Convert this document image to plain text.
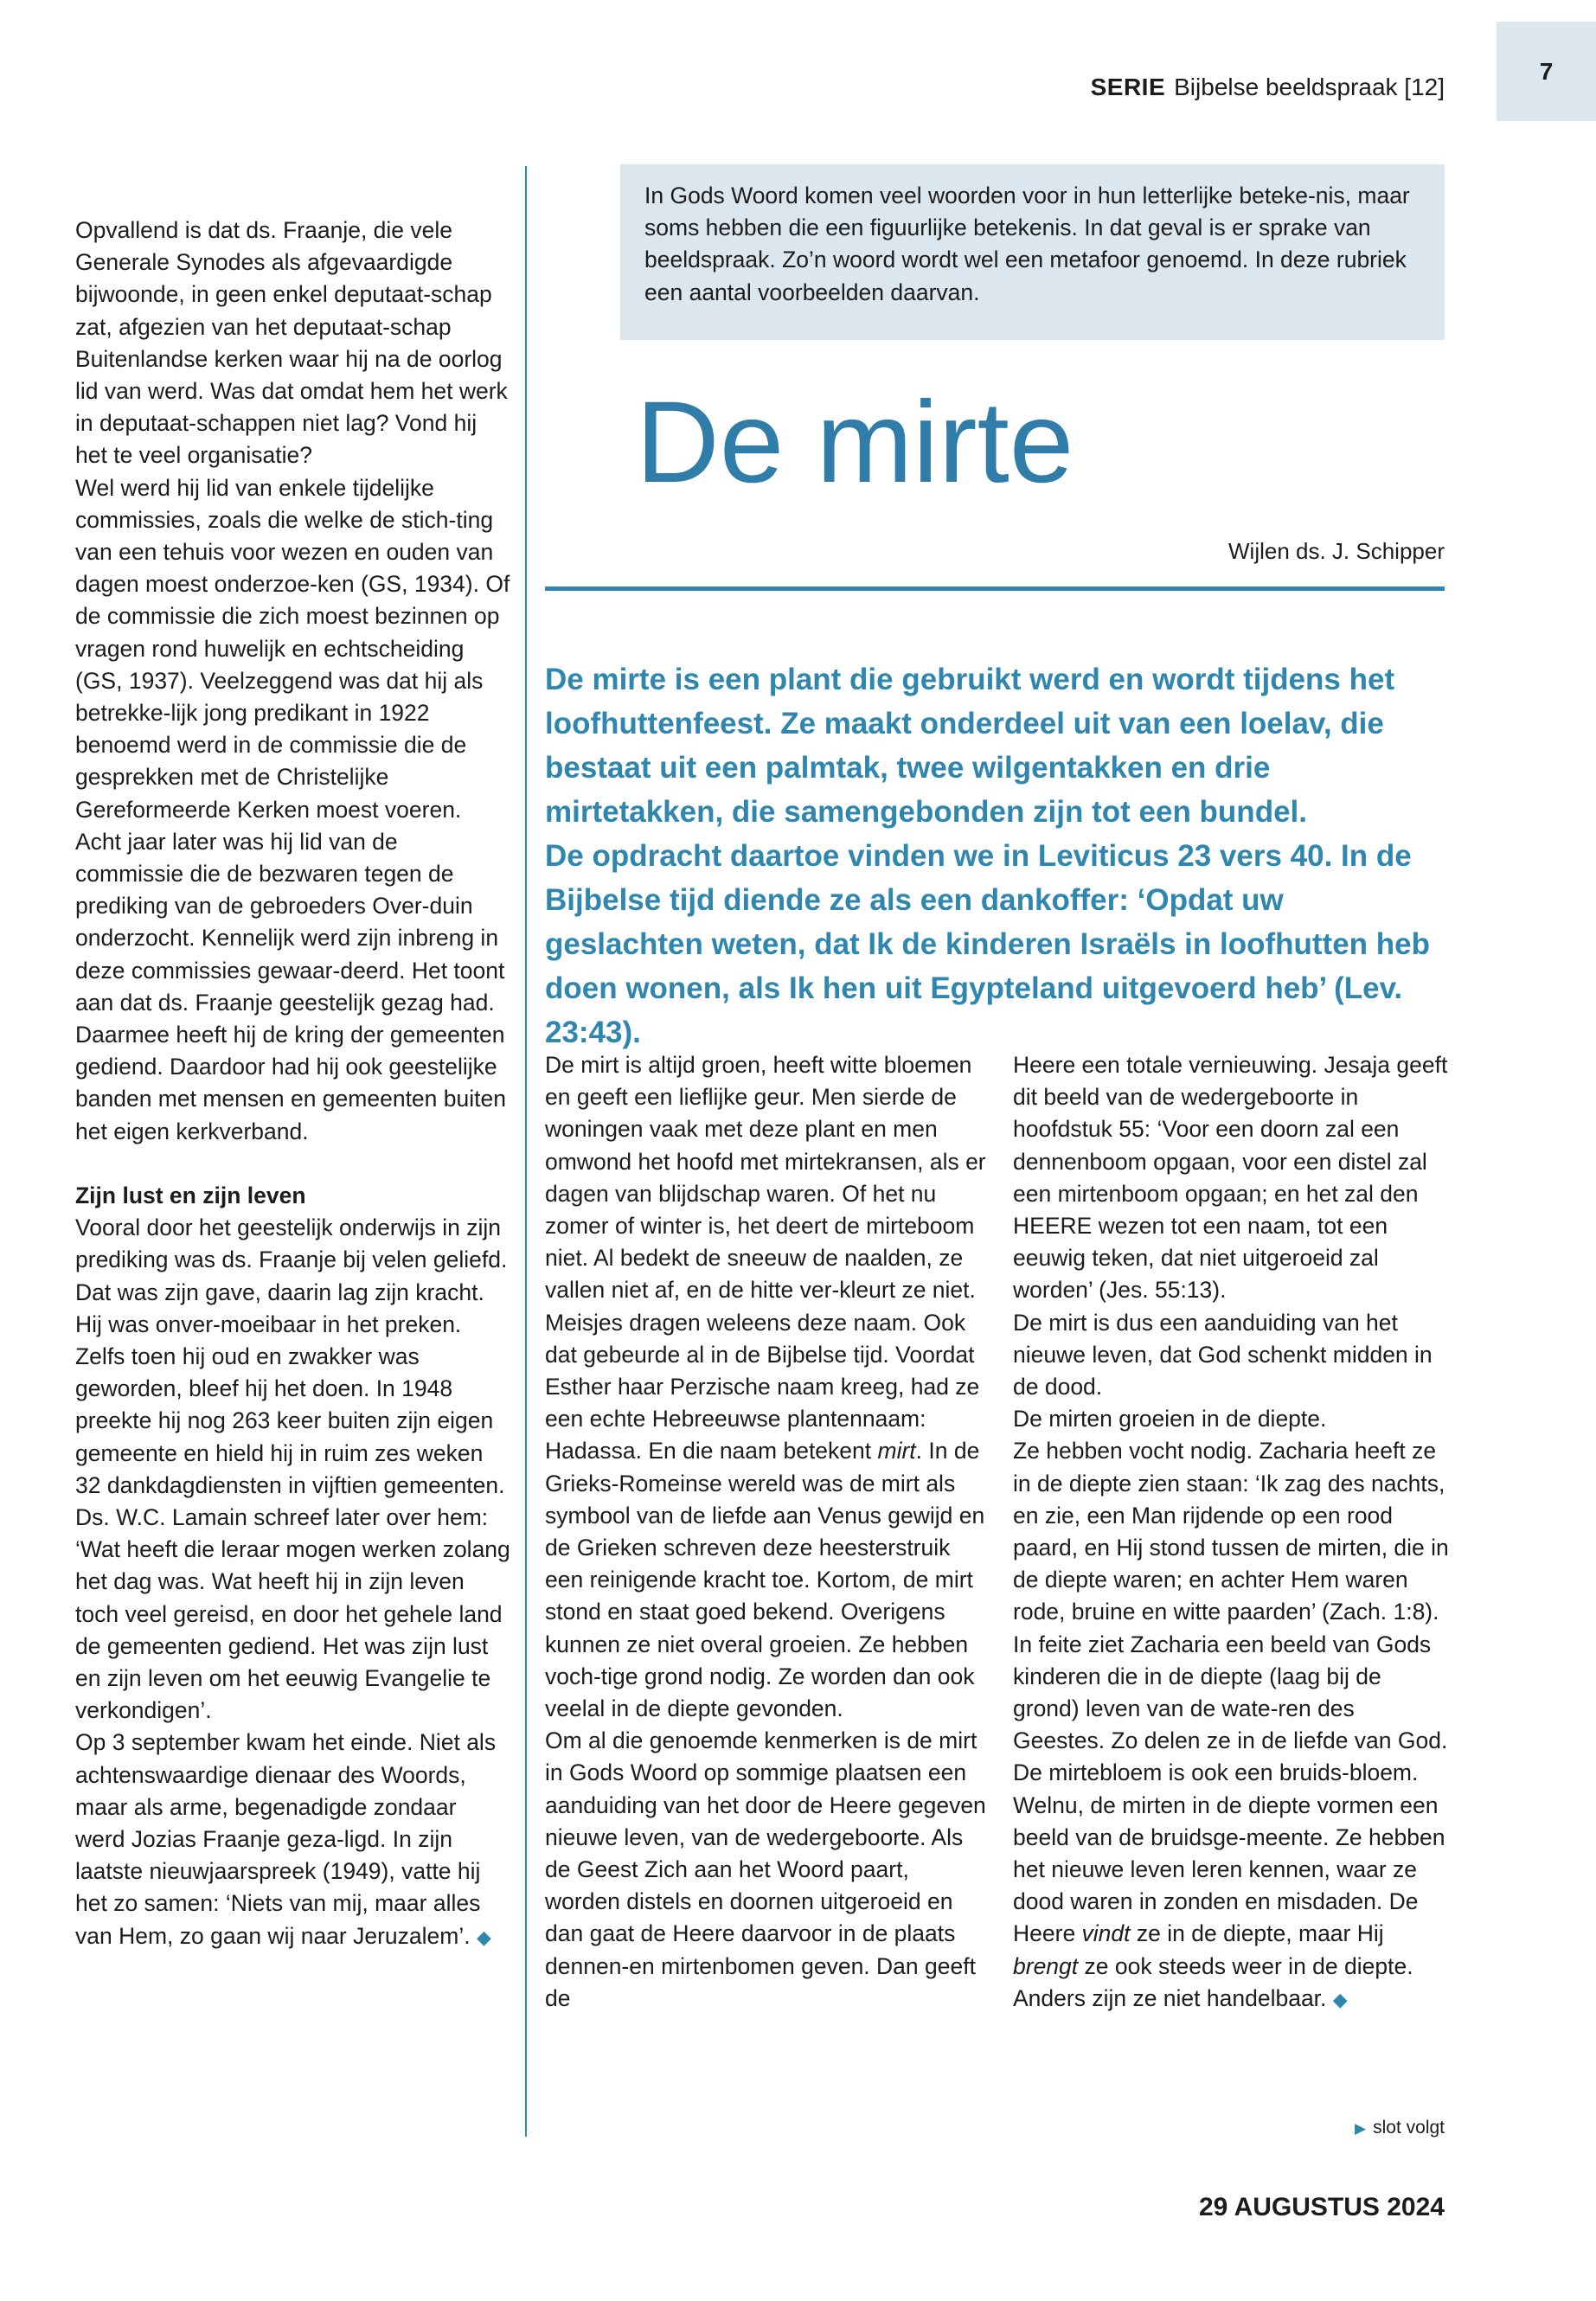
7
SERIE Bijbelse beeldspraak [12]

Opvallend is dat ds. Fraanje, die vele Generale Synodes als afgevaardigde bijwoonde, in geen enkel deputaat-schap zat, afgezien van het deputaat-schap Buitenlandse kerken waar hij na de oorlog lid van werd. Was dat omdat hem het werk in deputaat-schappen niet lag? Vond hij het te veel organisatie?

Wel werd hij lid van enkele tijdelijke commissies, zoals die welke de stich-ting van een tehuis voor wezen en ouden van dagen moest onderzoe-ken (GS, 1934). Of de commissie die zich moest bezinnen op vragen rond huwelijk en echtscheiding (GS, 1937). Veelzeggend was dat hij als betrekke-lijk jong predikant in 1922 benoemd werd in de commissie die de gesprekken met de Christelijke Gereformeerde Kerken moest voeren. Acht jaar later was hij lid van de commissie die de bezwaren tegen de prediking van de gebroeders Over-duin onderzocht. Kennelijk werd zijn inbreng in deze commissies gewaar-deerd. Het toont aan dat ds. Fraanje geestelijk gezag had. Daarmee heeft hij de kring der gemeenten gediend. Daardoor had hij ook geestelijke banden met mensen en gemeenten buiten het eigen kerkverband.

Zijn lust en zijn leven

Vooral door het geestelijk onderwijs in zijn prediking was ds. Fraanje bij velen geliefd. Dat was zijn gave, daarin lag zijn kracht. Hij was onver-moeibaar in het preken. Zelfs toen hij oud en zwakker was geworden, bleef hij het doen. In 1948 preekte hij nog 263 keer buiten zijn eigen gemeente en hield hij in ruim zes weken 32 dankdagdiensten in vijftien gemeenten. Ds. W.C. Lamain schreef later over hem: ‘Wat heeft die leraar mogen werken zolang het dag was. Wat heeft hij in zijn leven toch veel gereisd, en door het gehele land de gemeenten gediend. Het was zijn lust en zijn leven om het eeuwig Evangelie te verkondigen’.

Op 3 september kwam het einde. Niet als achtenswaardige dienaar des Woords, maar als arme, begenadigde zondaar werd Jozias Fraanje geza-ligd. In zijn laatste nieuwjaarspreek (1949), vatte hij het zo samen: ‘Niets van mij, maar alles van Hem, zo gaan wij naar Jeruzalem’. ◆

In Gods Woord komen veel woorden voor in hun letterlijke beteke-nis, maar soms hebben die een figuurlijke betekenis. In dat geval is er sprake van beeldspraak. Zo’n woord wordt wel een metafoor genoemd. In deze rubriek een aantal voorbeelden daarvan.
De mirte
Wijlen ds. J. Schipper

De mirte is een plant die gebruikt werd en wordt tijdens het loofhuttenfeest. Ze maakt onderdeel uit van een loelav, die bestaat uit een palmtak, twee wilgentakken en drie mirtetakken, die samengebonden zijn tot een bundel.

De opdracht daartoe vinden we in Leviticus 23 vers 40. In de Bijbelse tijd diende ze als een dankoffer: ‘Opdat uw geslachten weten, dat Ik de kinderen Israëls in loofhutten heb doen wonen, als Ik hen uit Egypteland uitgevoerd heb’ (Lev. 23:43).

De mirt is altijd groen, heeft witte bloemen en geeft een lieflijke geur. Men sierde de woningen vaak met deze plant en men omwond het hoofd met mirtekransen, als er dagen van blijdschap waren. Of het nu zomer of winter is, het deert de mirteboom niet. Al bedekt de sneeuw de naalden, ze vallen niet af, en de hitte ver-kleurt ze niet.

Meisjes dragen weleens deze naam. Ook dat gebeurde al in de Bijbelse tijd. Voordat Esther haar Perzische naam kreeg, had ze een echte Hebreeuwse plantennaam: Hadassa. En die naam betekent mirt. In de Grieks-Romeinse wereld was de mirt als symbool van de liefde aan Venus gewijd en de Grieken schreven deze heesterstruik een reinigende kracht toe. Kortom, de mirt stond en staat goed bekend. Overigens kunnen ze niet overal groeien. Ze hebben voch-tige grond nodig. Ze worden dan ook veelal in de diepte gevonden.

Om al die genoemde kenmerken is de mirt in Gods Woord op sommige plaatsen een aanduiding van het door de Heere gegeven nieuwe leven, van de wedergeboorte. Als de Geest Zich aan het Woord paart, worden distels en doornen uitgeroeid en dan gaat de Heere daarvoor in de plaats dennen-en mirtenbomen geven. Dan geeft de

Heere een totale vernieuwing. Jesaja geeft dit beeld van de wedergeboorte in hoofdstuk 55: ‘Voor een doorn zal een dennenboom opgaan, voor een distel zal een mirtenboom opgaan; en het zal den HEERE wezen tot een naam, tot een eeuwig teken, dat niet uitgeroeid zal worden’ (Jes. 55:13).

De mirt is dus een aanduiding van het nieuwe leven, dat God schenkt midden in de dood.

De mirten groeien in de diepte.

Ze hebben vocht nodig. Zacharia heeft ze in de diepte zien staan: ‘Ik zag des nachts, en zie, een Man rijdende op een rood paard, en Hij stond tussen de mirten, die in de diepte waren; en achter Hem waren rode, bruine en witte paarden’ (Zach. 1:8). In feite ziet Zacharia een beeld van Gods kinderen die in de diepte (laag bij de grond) leven van de wate-ren des Geestes. Zo delen ze in de liefde van God.

De mirtebloem is ook een bruids-bloem. Welnu, de mirten in de diepte vormen een beeld van de bruidsge-meente. Ze hebben het nieuwe leven leren kennen, waar ze dood waren in zonden en misdaden. De Heere vindt ze in de diepte, maar Hij brengt ze ook steeds weer in de diepte. Anders zijn ze niet handelbaar. ◆

▶ slot volgt
29 AUGUSTUS 2024
